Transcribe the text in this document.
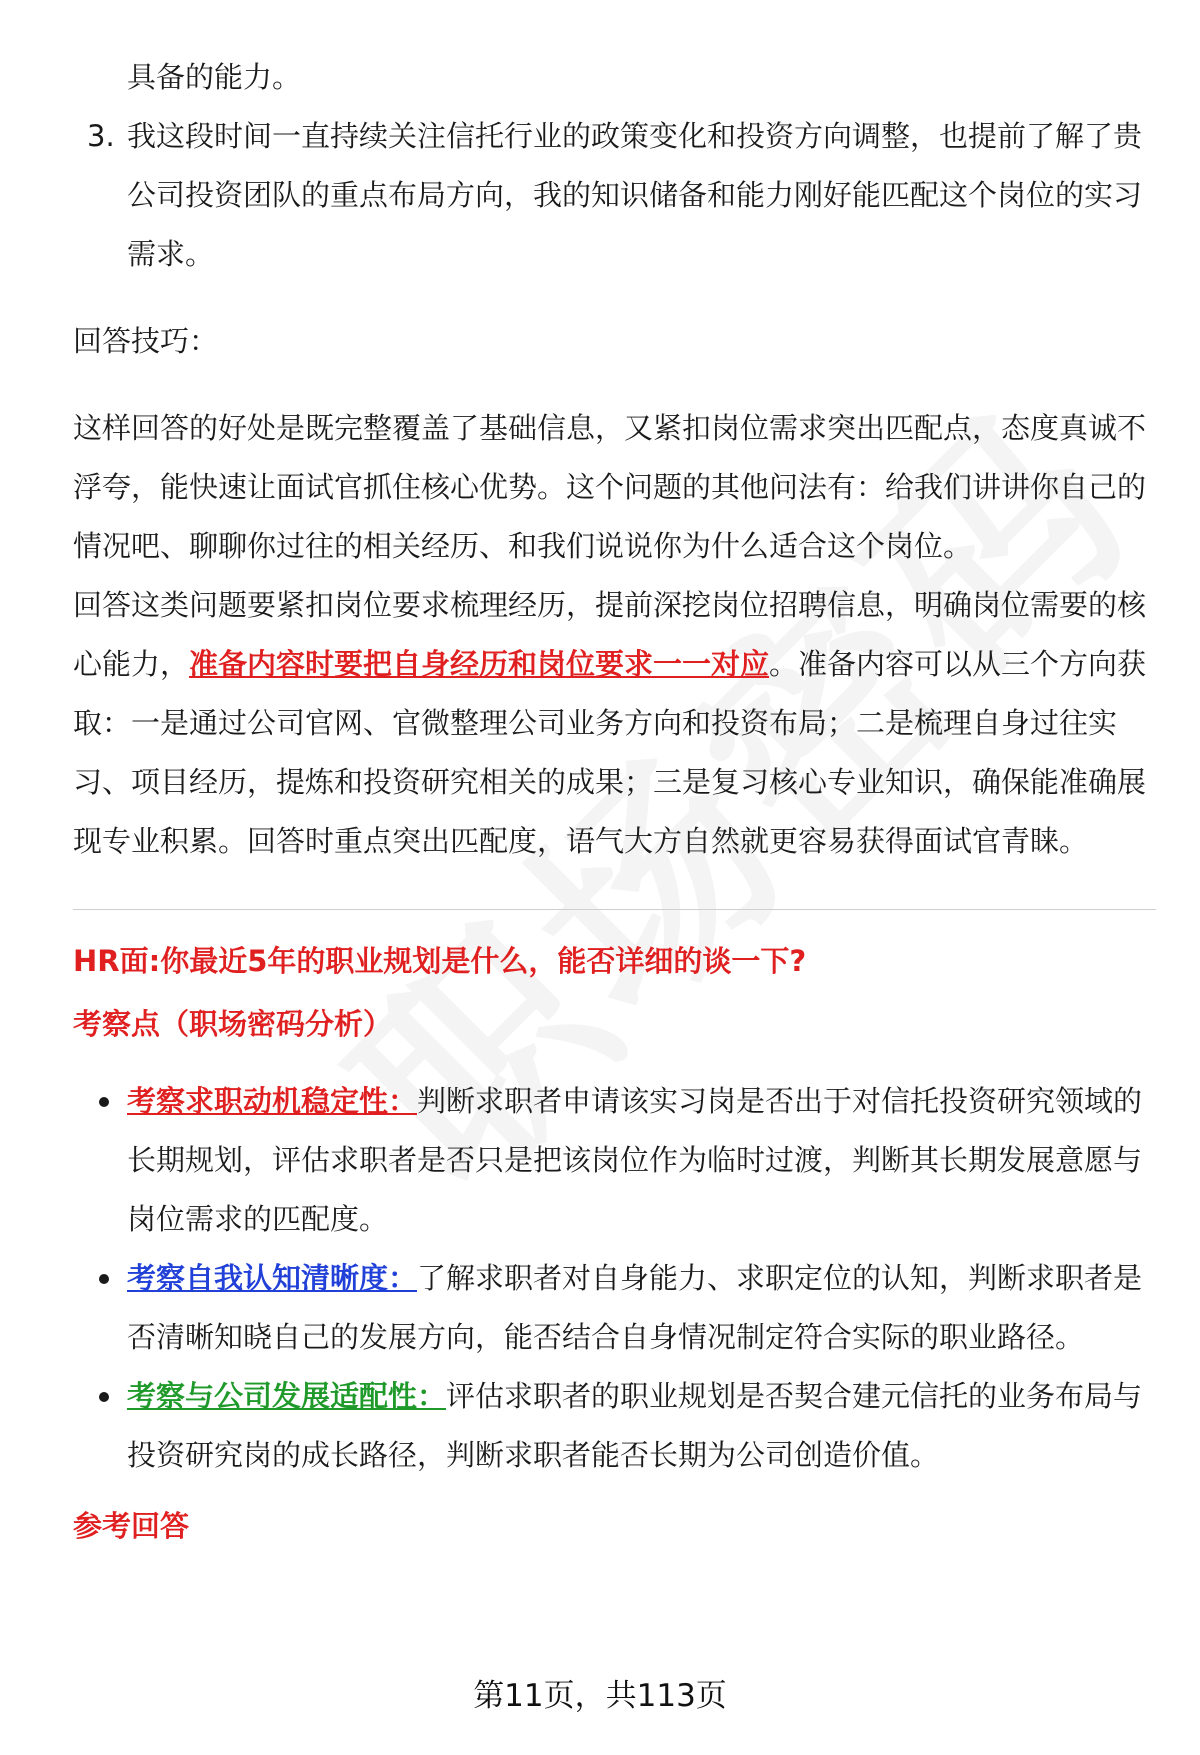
具备的能力。

3. 我这段时间一直持续关注信托行业的政策变化和投资方向调整，也提前了解了贵公司投资团队的重点布局方向，我的知识储备和能力刚好能匹配这个岗位的实习需求。

回答技巧：

这样回答的好处是既完整覆盖了基础信息，又紧扣岗位需求突出匹配点，态度真诚不浮夸，能快速让面试官抓住核心优势。这个问题的其他问法有：给我们讲讲你自己的情况吧、聊聊你过往的相关经历、和我们说说你为什么适合这个岗位。

回答这类问题要紧扣岗位要求梳理经历，提前深挖岗位招聘信息，明确岗位需要的核心能力，准备内容时要把自身经历和岗位要求一一对应。准备内容可以从三个方向获取：一是通过公司官网、官微整理公司业务方向和投资布局；二是梳理自身过往实习、项目经历，提炼和投资研究相关的成果；三是复习核心专业知识，确保能准确展现专业积累。回答时重点突出匹配度，语气大方自然就更容易获得面试官青睐。

HR面:你最近5年的职业规划是什么，能否详细的谈一下?

考察点（职场密码分析）

考察求职动机稳定性：判断求职者申请该实习岗是否出于对信托投资研究领域的长期规划，评估求职者是否只是把该岗位作为临时过渡，判断其长期发展意愿与岗位需求的匹配度。
考察自我认知清晰度：了解求职者对自身能力、求职定位的认知，判断求职者是否清晰知晓自己的发展方向，能否结合自身情况制定符合实际的职业路径。
考察与公司发展适配性：评估求职者的职业规划是否契合建元信托的业务布局与投资研究岗的成长路径，判断求职者能否长期为公司创造价值。

参考回答

第11页，共113页
